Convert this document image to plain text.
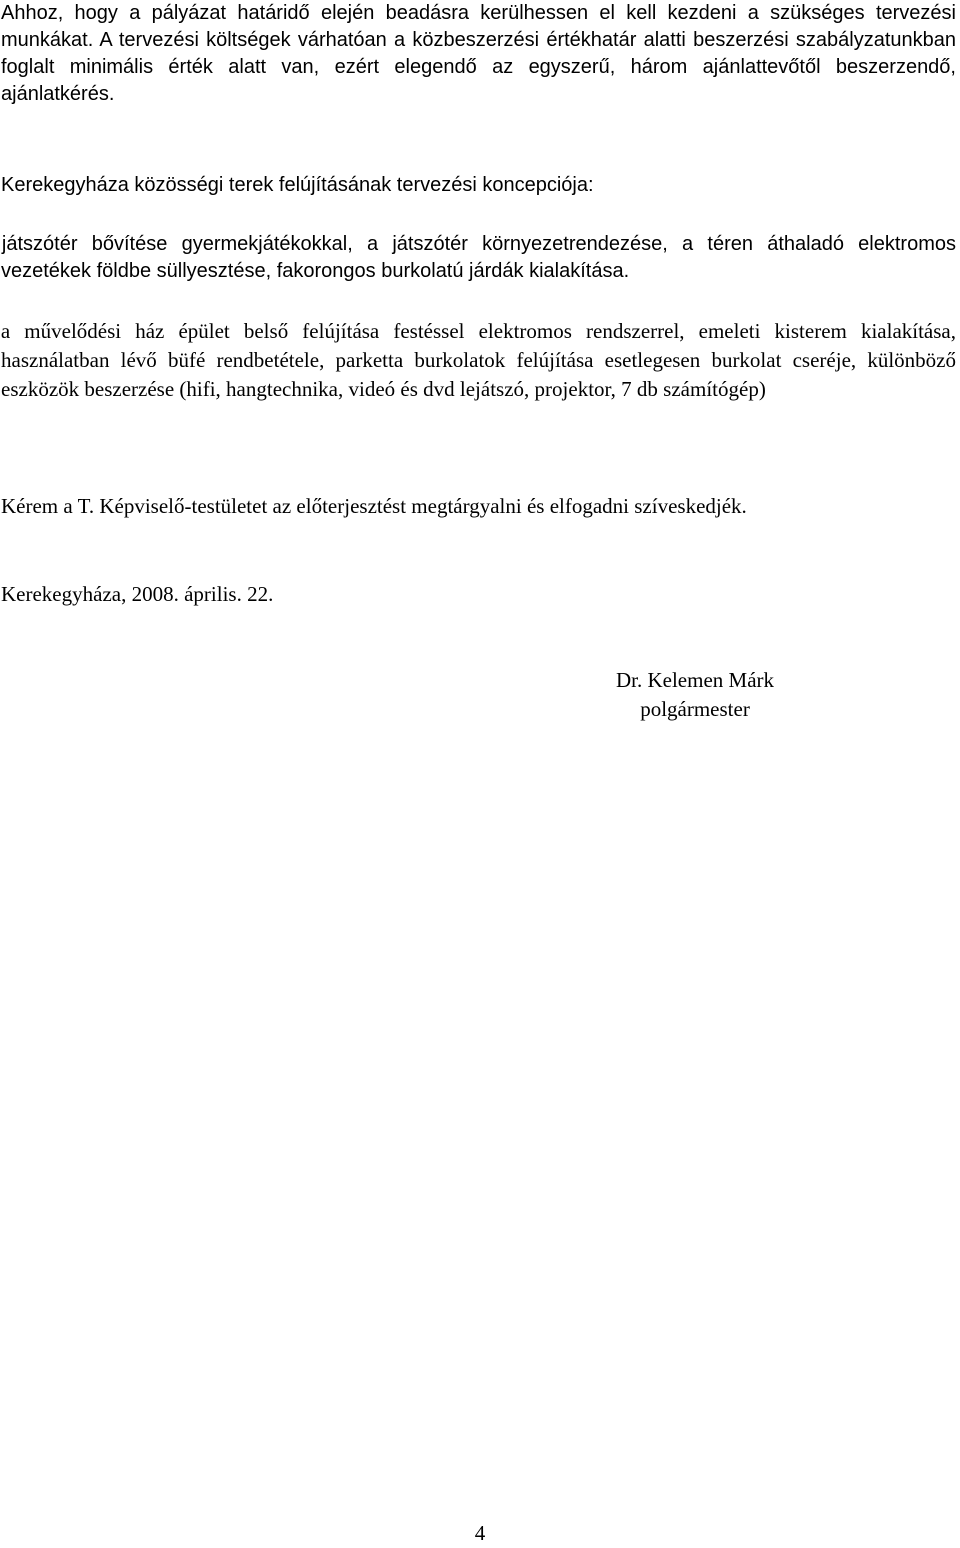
Ahhoz, hogy a pályázat határidő elején beadásra kerülhessen el kell kezdeni a szükséges tervezési munkákat. A tervezési költségek várhatóan a közbeszerzési értékhatár alatti beszerzési szabályzatunkban foglalt minimális érték alatt van, ezért elegendő az egyszerű, három ajánlattevőtől beszerzendő, ajánlatkérés.

Kerekegyháza közösségi terek felújításának tervezési koncepciója:

játszótér bővítése gyermekjátékokkal, a játszótér környezetrendezése, a téren áthaladó elektromos vezetékek földbe süllyesztése, fakorongos burkolatú járdák kialakítása.

a művelődési ház épület belső felújítása festéssel elektromos rendszerrel, emeleti kisterem kialakítása, használatban lévő büfé rendbetétele, parketta burkolatok felújítása esetlegesen burkolat cseréje, különböző eszközök beszerzése (hifi, hangtechnika, videó és dvd lejátszó, projektor, 7 db számítógép)

Kérem a T. Képviselő-testületet az előterjesztést megtárgyalni és elfogadni szíveskedjék.

Kerekegyháza, 2008. április. 22.

Dr. Kelemen Márk
polgármester
4
